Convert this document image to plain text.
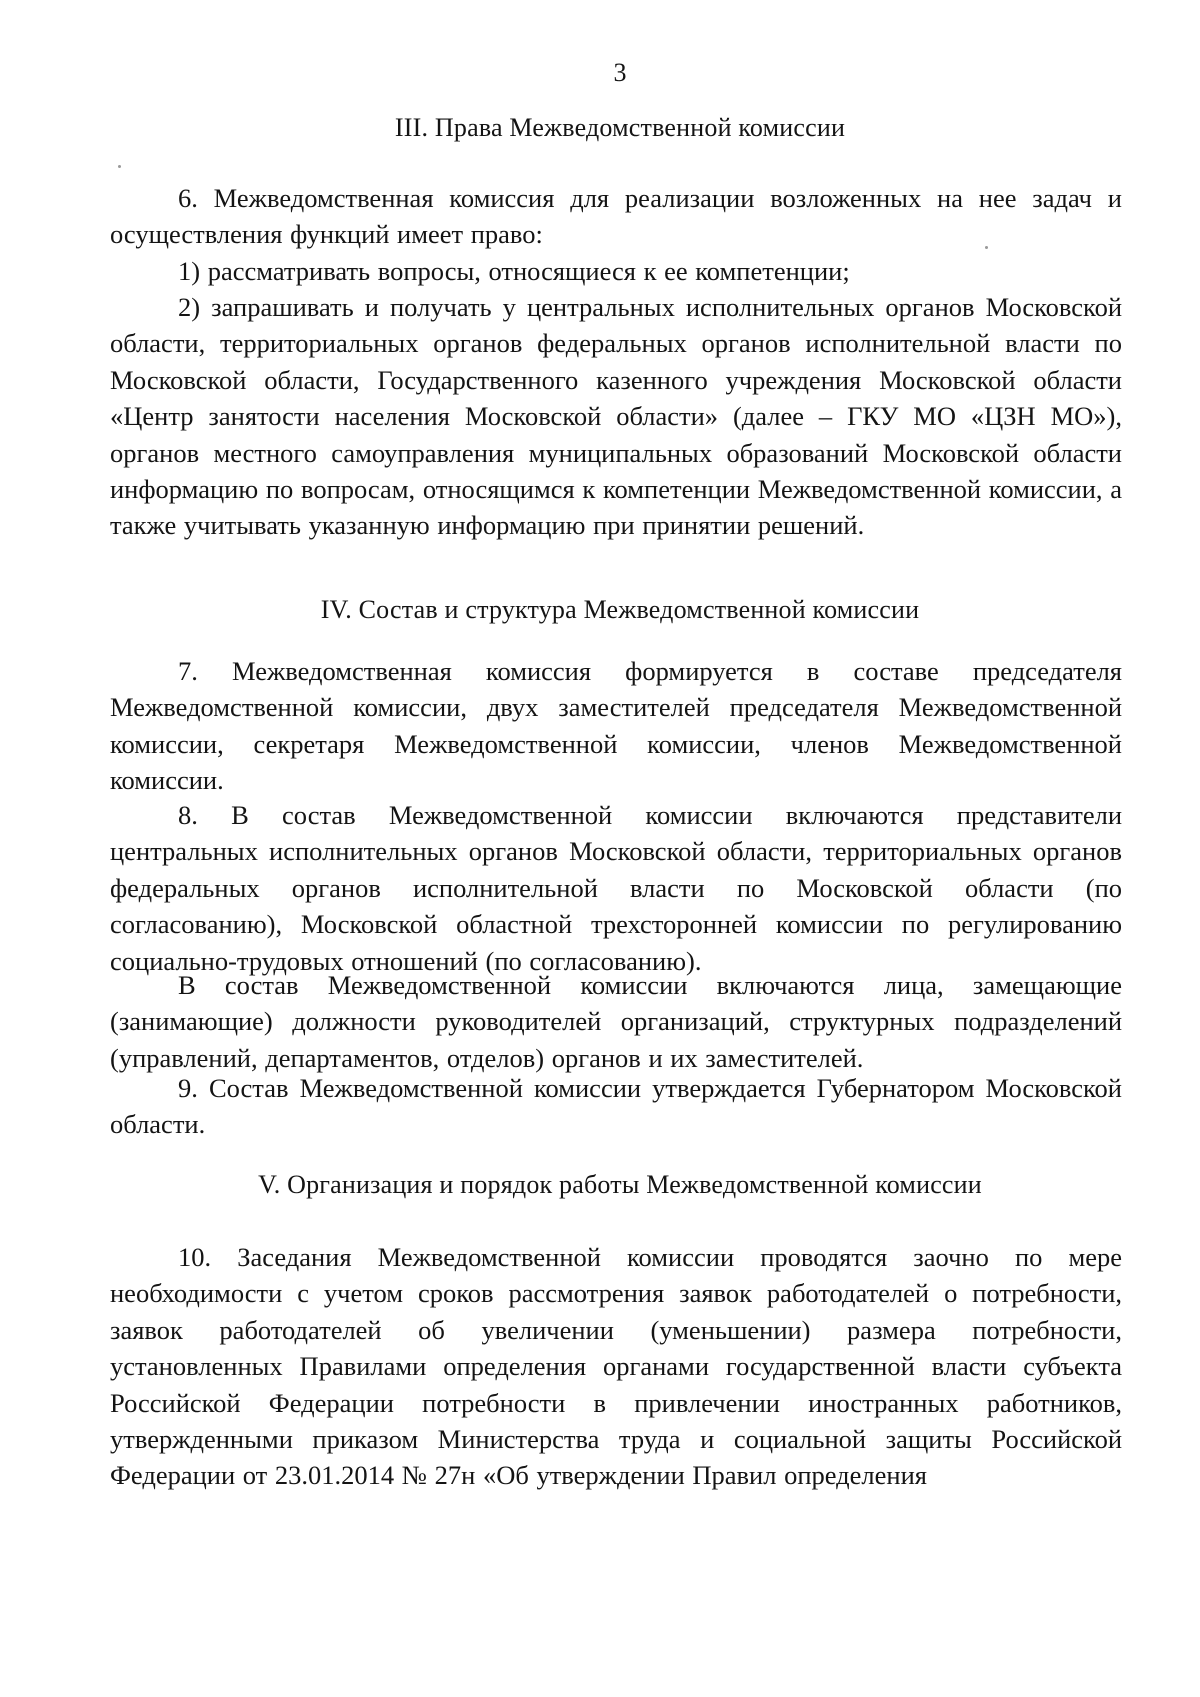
3
III. Права Межведомственной комиссии
6. Межведомственная комиссия для реализации возложенных на нее задач и осуществления функций имеет право:
1) рассматривать вопросы, относящиеся к ее компетенции;
2) запрашивать и получать у центральных исполнительных органов Московской области, территориальных органов федеральных органов исполнительной власти по Московской области, Государственного казенного учреждения Московской области «Центр занятости населения Московской области» (далее – ГКУ МО «ЦЗН МО»), органов местного самоуправления муниципальных образований Московской области информацию по вопросам, относящимся к компетенции Межведомственной комиссии, а также учитывать указанную информацию при принятии решений.
IV. Состав и структура Межведомственной комиссии
7. Межведомственная комиссия формируется в составе председателя Межведомственной комиссии, двух заместителей председателя Межведомственной комиссии, секретаря Межведомственной комиссии, членов Межведомственной комиссии.
8. В состав Межведомственной комиссии включаются представители центральных исполнительных органов Московской области, территориальных органов федеральных органов исполнительной власти по Московской области (по согласованию), Московской областной трехсторонней комиссии по регулированию социально-трудовых отношений (по согласованию).
В состав Межведомственной комиссии включаются лица, замещающие (занимающие) должности руководителей организаций, структурных подразделений (управлений, департаментов, отделов) органов и их заместителей.
9. Состав Межведомственной комиссии утверждается Губернатором Московской области.
V. Организация и порядок работы Межведомственной комиссии
10. Заседания Межведомственной комиссии проводятся заочно по мере необходимости с учетом сроков рассмотрения заявок работодателей о потребности, заявок работодателей об увеличении (уменьшении) размера потребности, установленных Правилами определения органами государственной власти субъекта Российской Федерации потребности в привлечении иностранных работников, утвержденными приказом Министерства труда и социальной защиты Российской Федерации от 23.01.2014 № 27н «Об утверждении Правил определения
